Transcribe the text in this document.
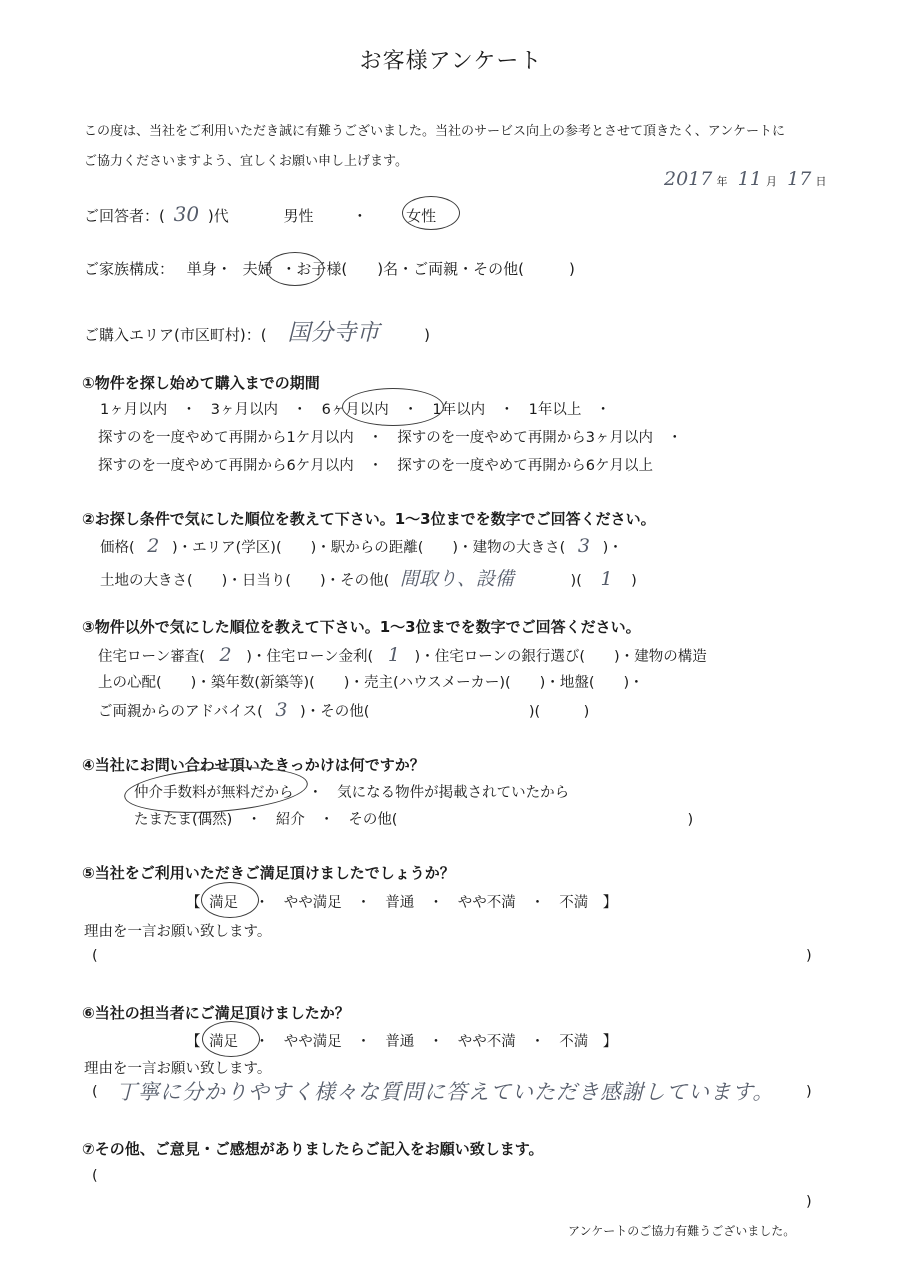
お客様アンケート
この度は、当社をご利用いただき誠に有難うございました。当社のサービス向上の参考とさせて頂きたく、アンケートに
ご協力くださいますよう、宜しくお願い申し上げます。
2017 年 11 月 17 日
ご回答者：( 30 )代	男性	・	女性
ご家族構成： 単身・ 夫婦 ・お子様(　　)名・ご両親・その他(　　　)
ご購入エリア(市区町村)：( 国分寺市	)
①物件を探し始めて購入までの期間
1ヶ月以内　・　3ヶ月以内　・ 6ヶ月以内 ・　1年以内　・　1年以上　・
探すのを一度やめて再開から1ケ月以内　・　探すのを一度やめて再開から3ヶ月以内　・
探すのを一度やめて再開から6ケ月以内　・　探すのを一度やめて再開から6ケ月以上
②お探し条件で気にした順位を教えて下さい。1～3位までを数字でご回答ください。
価格( 2 )・エリア(学区)(　　)・駅からの距離(　　)・建物の大きさ( 3 )・
土地の大きさ(　　)・日当り(　　)・その他( 間取り、設備	)( 1 )
③物件以外で気にした順位を教えて下さい。1～3位までを数字でご回答ください。
住宅ローン審査( 2 )・住宅ローン金利( 1 )・住宅ローンの銀行選び(　　)・建物の構造
上の心配(　　)・築年数(新築等)(　　)・売主(ハウスメーカー)(　　)・地盤(　　)・
ご両親からのアドバイス( 3 )・その他(　　　　　　　　　　　)(　　　)
④当社にお問い合わせ頂いたきっかけは何ですか？
仲介手数料が無料だから ・　気になる物件が掲載されていたから
たまたま(偶然)　・　紹介　・　その他(　　　　　　　　　　　　　　　　　　　　)
⑤当社をご利用いただきご満足頂けましたでしょうか？
【 満足 ・　やや満足　・　普通　・　やや不満　・　不満　】
理由を一言お願い致します。
(	)
⑥当社の担当者にご満足頂けましたか？
【 満足 ・　やや満足　・　普通　・　やや不満　・　不満　】
理由を一言お願い致します。
( 丁寧に分かりやすく様々な質問に答えていただき感謝しています。 )
⑦その他、ご意見・ご感想がありましたらご記入をお願い致します。
(
)
アンケートのご協力有難うございました。
